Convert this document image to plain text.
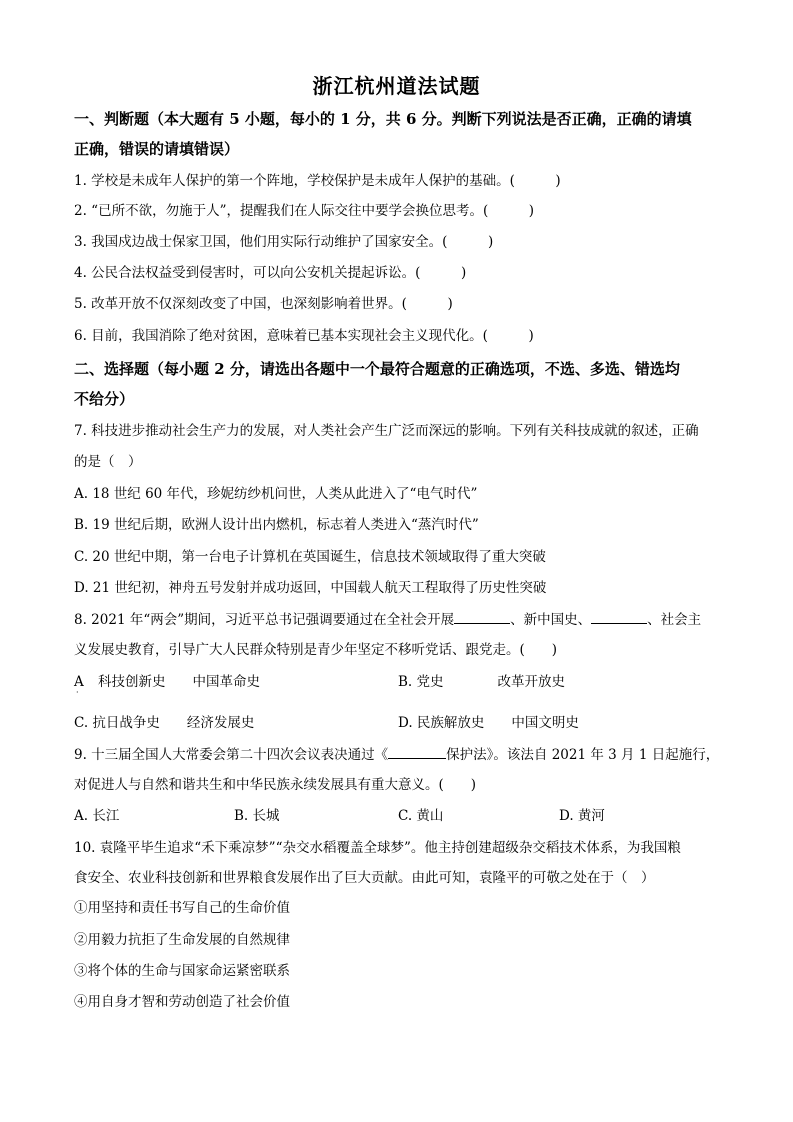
浙江杭州道法试题
一、判断题（本大题有 5 小题，每小的 1 分，共 6 分。判断下列说法是否正确，正确的请填
正确，错误的请填错误）
1. 学校是未成年人保护的第一个阵地，学校保护是未成年人保护的基础。(　　　)
2. “已所不欲，勿施于人”，提醒我们在人际交往中要学会换位思考。(　　　)
3. 我国戍边战士保家卫国，他们用实际行动维护了国家安全。(　　　)
4. 公民合法权益受到侵害时，可以向公安机关提起诉讼。(　　　)
5. 改革开放不仅深刻改变了中国，也深刻影响着世界。(　　　)
6. 目前，我国消除了绝对贫困，意味着已基本实现社会主义现代化。(　　　)
二、选择题（每小题 2 分，请选出各题中一个最符合题意的正确选项，不选、多选、错选均
不给分）
7. 科技进步推动社会生产力的发展，对人类社会产生广泛而深远的影响。下列有关科技成就的叙述，正确
的是（　）
A. 18 世纪 60 年代，珍妮纺纱机问世，人类从此进入了“电气时代”
B. 19 世纪后期，欧洲人设计出内燃机，标志着人类进入“蒸汽时代”
C. 20 世纪中期，第一台电子计算机在英国诞生，信息技术领域取得了重大突破
D. 21 世纪初，神舟五号发射并成功返回，中国载人航天工程取得了历史性突破
8. 2021 年“两会”期间，习近平总书记强调要通过在全社会开展	、新中国史、	、社会主
义发展史教育，引导广大人民群众特别是青少年坚定不移听党话、跟党走。(　　)
A 科技创新史　　中国革命史
·
B. 党史　　　　改革开放史
C. 抗日战争史　　经济发展史	D. 民族解放史　　中国文明史
9. 十三届全国人大常委会第二十四次会议表决通过《	保护法》。该法自 2021 年 3 月 1 日起施行，
对促进人与自然和谐共生和中华民族永续发展具有重大意义。(　　)
A. 长江	B. 长城	C. 黄山	D. 黄河
10. 袁隆平毕生追求“禾下乘凉梦”“杂交水稻覆盖全球梦”。他主持创建超级杂交稻技术体系，为我国粮
食安全、农业科技创新和世界粮食发展作出了巨大贡献。由此可知，袁隆平的可敬之处在于（　）
①用坚持和责任书写自己的生命价值
②用毅力抗拒了生命发展的自然规律
③将个体的生命与国家命运紧密联系
④用自身才智和劳动创造了社会价值
